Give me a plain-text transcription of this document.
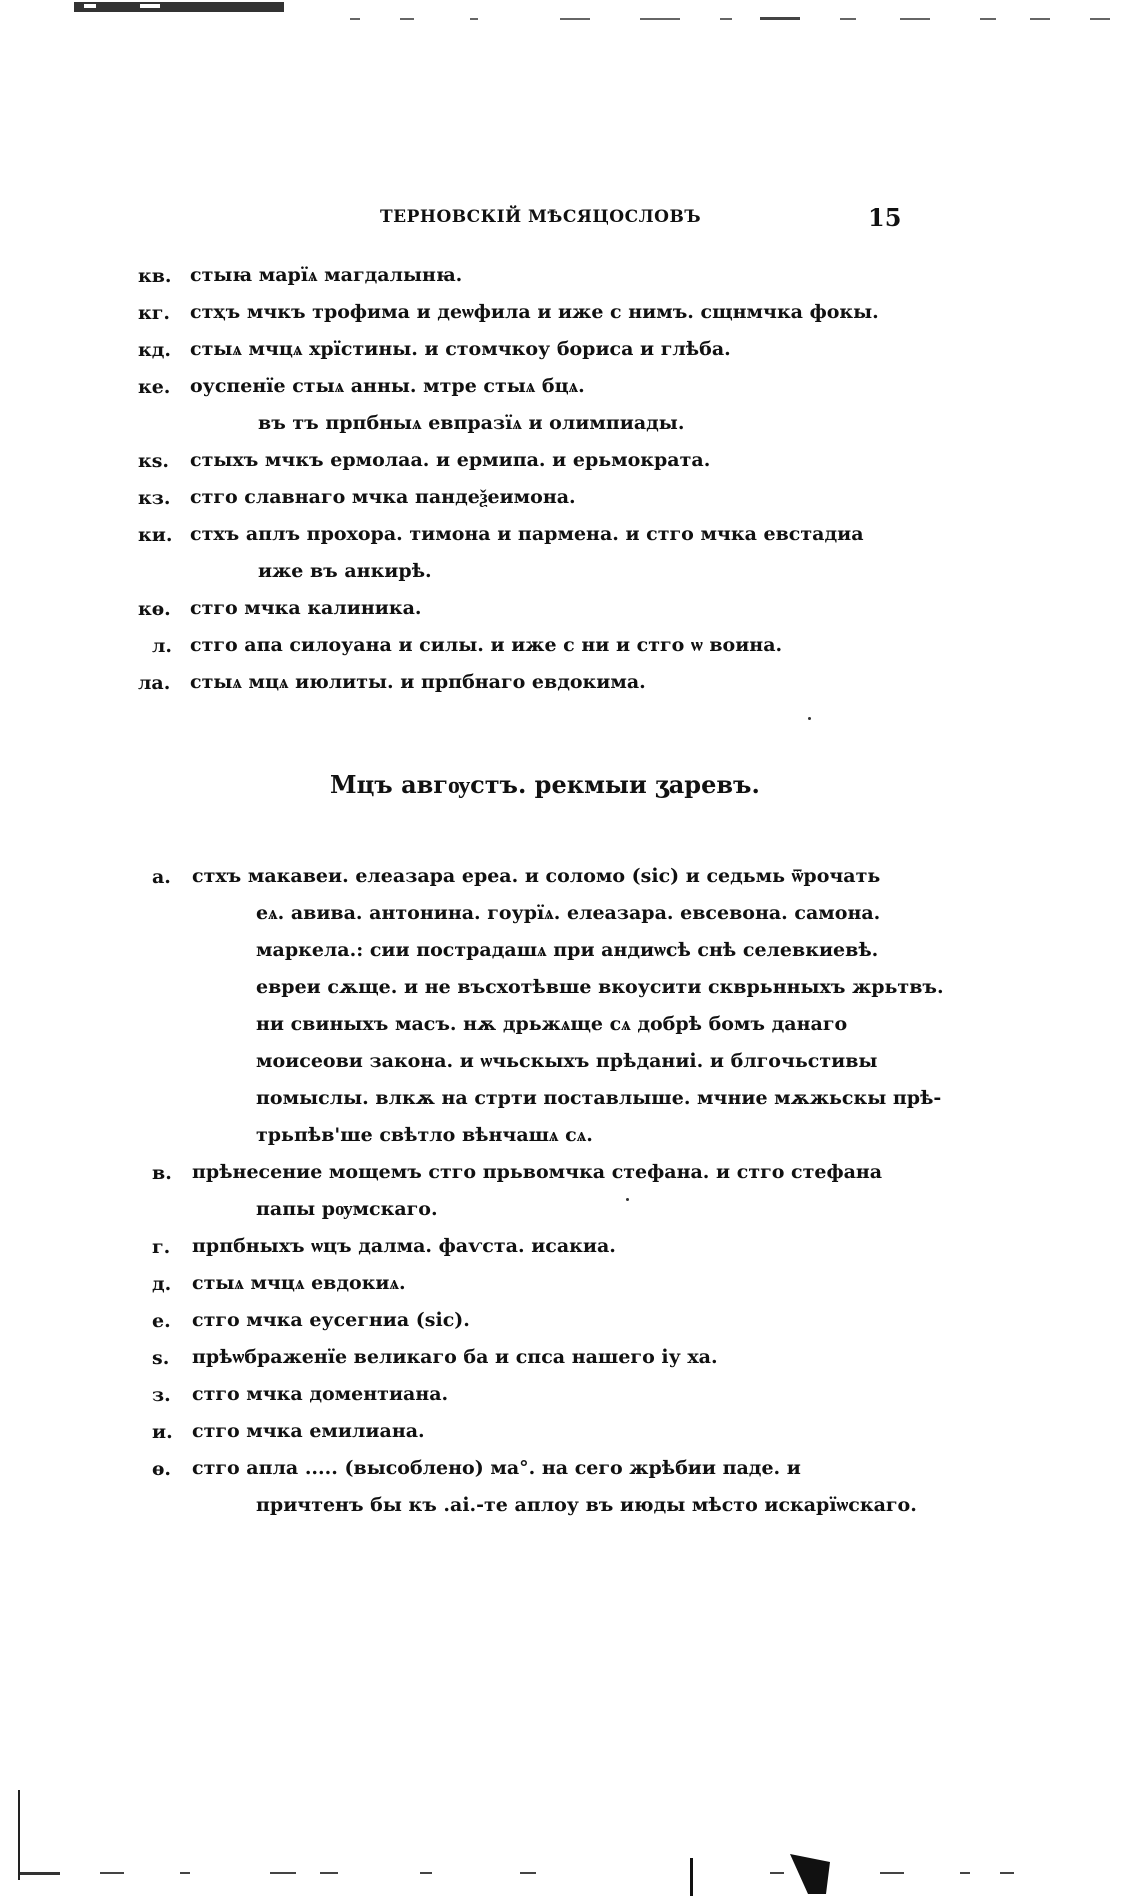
ТЕРНОВСКІЙ МѢСЯЦОСЛОВЪ	15
кв. стыꙗ марїѧ магдалынꙗ.
кг. стҳъ мчкъ трофима и деѡфила и иже с нимъ. сщнмчка фокы.
кд. стыѧ мчцѧ хрїстины. и стомчкоу бориса и глѣба.
ке. оуспенїе стыѧ анны. мтре стыѧ бцѧ.
въ тъ прпбныѧ евпразїѧ и олимпиады.
кѕ. стыхъ мчкъ ермолаа. и ермипа. и ерьмократа.
кз. стго славнаго мчка пандеѯеимона.
ки. стхъ аплъ прохора. тимона и пармена. и стго мчка евстадиа
иже въ анкирѣ.
кѳ. стго мчка калиника.
л. стго апа силоуана и силы. и иже с ни и стго ѡ воина.
ла. стыѧ мцѧ июлиты. и прпбнаго евдокима.
Мцъ авгѹстъ. рекмыи ʒаревъ.
а. стхъ макавеи. елеазара ереа. и соломо (sic) и седьмь ѿрочать
еѧ. авива. антонина. гоурїѧ. елеазара. евсевона. самона.
маркела.: сии пострадашѧ при андиѡсѣ снѣ селевкиевѣ.
евреи сѫще. и не въсхотѣвше вкоусити скврьнныхъ жрьтвъ.
ни свиныхъ масъ. нѫ дрьжѧще сѧ добрѣ бомъ данаго
моисеови закона. и ѡчьскыхъ прѣданиі. и блгочьстивы
помыслы. влкѫ на стрти поставлыше. мчние мѫжьскы прѣ-
трьпѣв'ше свѣтло вѣнчашѧ сѧ.
в. прѣнесение мощемъ стго прьвомчка стефана. и стго стефана
папы рѹмскаго.
г. прпбныхъ ѡцъ далма. фаѵста. исакиа.
д. стыѧ мчцѧ евдокиѧ.
е. стго мчка еусегниа (sic).
ѕ. прѣѡбраженїе великаго ба и спса нашего іу ха.
з. стго мчка доментиана.
и. стго мчка емилиана.
ѳ. стго апла ..... (высоблено) ма°. на сего жрѣбии паде. и
причтенъ бы къ .аі.-те аплоу въ июды мѣсто искарїѡскаго.
